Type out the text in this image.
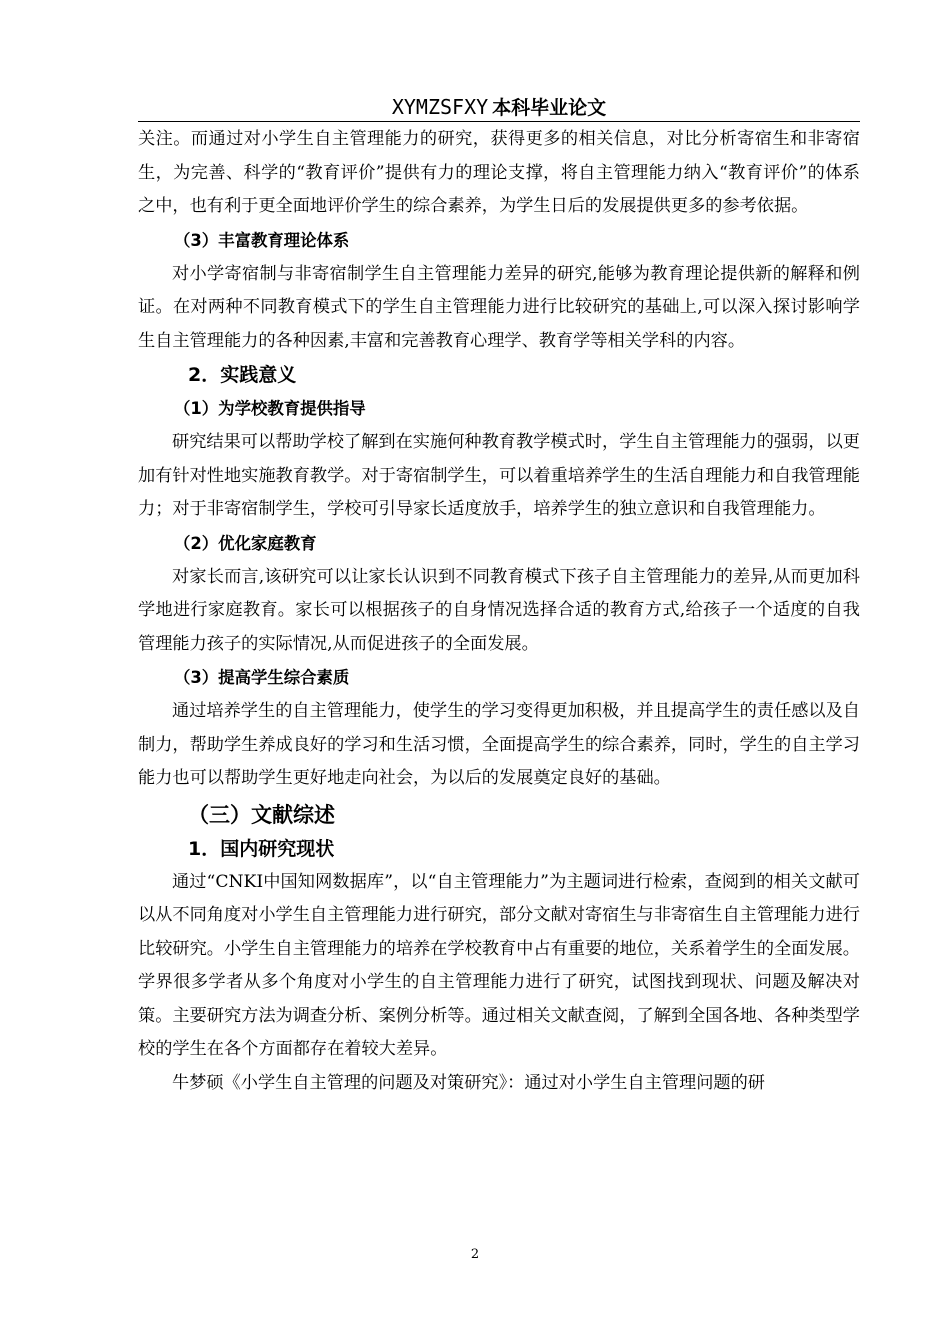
XYMZSFXY 本科毕业论文

关注。而通过对小学生自主管理能力的研究，获得更多的相关信息，对比分析寄宿生和非寄宿生，为完善、科学的“教育评价”提供有力的理论支撑，将自主管理能力纳入“教育评价”的体系之中，也有利于更全面地评价学生的综合素养，为学生日后的发展提供更多的参考依据。

（3）丰富教育理论体系

对小学寄宿制与非寄宿制学生自主管理能力差异的研究,能够为教育理论提供新的解释和例证。在对两种不同教育模式下的学生自主管理能力进行比较研究的基础上,可以深入探讨影响学生自主管理能力的各种因素,丰富和完善教育心理学、教育学等相关学科的内容。

2．实践意义

（1）为学校教育提供指导

研究结果可以帮助学校了解到在实施何种教育教学模式时，学生自主管理能力的强弱，以更加有针对性地实施教育教学。对于寄宿制学生，可以着重培养学生的生活自理能力和自我管理能力；对于非寄宿制学生，学校可引导家长适度放手，培养学生的独立意识和自我管理能力。

（2）优化家庭教育

对家长而言,该研究可以让家长认识到不同教育模式下孩子自主管理能力的差异,从而更加科学地进行家庭教育。家长可以根据孩子的自身情况选择合适的教育方式,给孩子一个适度的自我管理能力孩子的实际情况,从而促进孩子的全面发展。

（3）提高学生综合素质

通过培养学生的自主管理能力，使学生的学习变得更加积极，并且提高学生的责任感以及自制力，帮助学生养成良好的学习和生活习惯，全面提高学生的综合素养，同时，学生的自主学习能力也可以帮助学生更好地走向社会，为以后的发展奠定良好的基础。

（三）文献综述

1．国内研究现状

通过“CNKI中国知网数据库”，以“自主管理能力”为主题词进行检索，查阅到的相关文献可以从不同角度对小学生自主管理能力进行研究，部分文献对寄宿生与非寄宿生自主管理能力进行比较研究。小学生自主管理能力的培养在学校教育中占有重要的地位，关系着学生的全面发展。学界很多学者从多个角度对小学生的自主管理能力进行了研究，试图找到现状、问题及解决对策。主要研究方法为调查分析、案例分析等。通过相关文献查阅，了解到全国各地、各种类型学校的学生在各个方面都存在着较大差异。

牛梦硕《小学生自主管理的问题及对策研究》：通过对小学生自主管理问题的研

2
